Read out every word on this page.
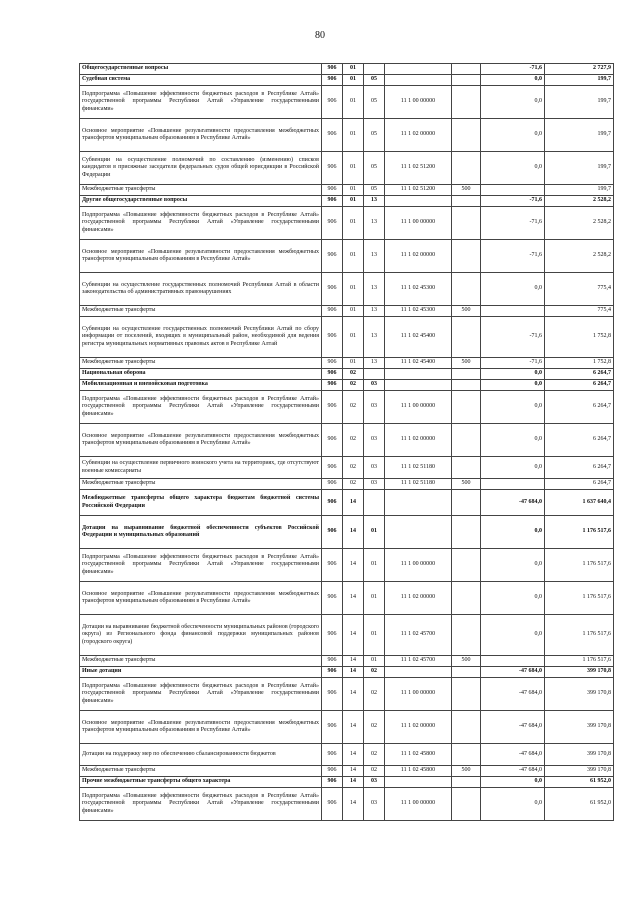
80
Общегосударственные вопросы	906	01				-71,6	2 727,9
Судебная система	906	01	05			0,0	199,7
Подпрограмма «Повышение эффективности бюджетных расходов в Республике Алтай» государственной программы Республики Алтай «Управление государственными финансами»	906	01	05	11 1 00 00000		0,0	199,7
Основное мероприятие «Повышение результативности предоставления межбюджетных трансфертов муниципальным образованиям в Республике Алтай»	906	01	05	11 1 02 00000		0,0	199,7
Субвенции на осуществление полномочий по составлению (изменению) списков кандидатов в присяжные заседатели федеральных судов общей юрисдикции в Российской Федерации	906	01	05	11 1 02 51200		0,0	199,7
Межбюджетные трансферты	906	01	05	11 1 02 51200	500		199,7
Другие общегосударственные вопросы	906	01	13			-71,6	2 528,2
Подпрограмма «Повышение эффективности бюджетных расходов в Республике Алтай» государственной программы Республики Алтай «Управление государственными финансами»	906	01	13	11 1 00 00000		-71,6	2 528,2
Основное мероприятие «Повышение результативности предоставления межбюджетных трансфертов муниципальным образованиям в Республике Алтай»	906	01	13	11 1 02 00000		-71,6	2 528,2
Субвенции на осуществление государственных полномочий Республики Алтай в области законодательства об административных правонарушениях	906	01	13	11 1 02 45300		0,0	775,4
Межбюджетные трансферты	906	01	13	11 1 02 45300	500		775,4
Субвенции на осуществление государственных полномочий Республики Алтай по сбору информации от поселений, входящих в муниципальный район, необходимой для ведения регистра муниципальных нормативных правовых актов в Республике Алтай	906	01	13	11 1 02 45400		-71,6	1 752,8
Межбюджетные трансферты	906	01	13	11 1 02 45400	500	-71,6	1 752,8
Национальная оборона	906	02				0,0	6 264,7
Мобилизационная и вневойсковая подготовка	906	02	03			0,0	6 264,7
Подпрограмма «Повышение эффективности бюджетных расходов в Республике Алтай» государственной программы Республики Алтай «Управление государственными финансами»	906	02	03	11 1 00 00000		0,0	6 264,7
Основное мероприятие «Повышение результативности предоставления межбюджетных трансфертов муниципальным образованиям в Республике Алтай»	906	02	03	11 1 02 00000		0,0	6 264,7
Субвенции на осуществление первичного воинского учета на территориях, где отсутствуют военные комиссариаты	906	02	03	11 1 02 51180		0,0	6 264,7
Межбюджетные трансферты	906	02	03	11 1 02 51180	500		6 264,7
Межбюджетные трансферты общего характера бюджетам бюджетной системы Российской Федерации	906	14				-47 684,0	1 637 640,4
Дотации на выравнивание бюджетной обеспеченности субъектов Российской Федерации и муниципальных образований	906	14	01			0,0	1 176 517,6
Подпрограмма «Повышение эффективности бюджетных расходов в Республике Алтай» государственной программы Республики Алтай «Управление государственными финансами»	906	14	01	11 1 00 00000		0,0	1 176 517,6
Основное мероприятие «Повышение результативности предоставления межбюджетных трансфертов муниципальным образованиям в Республике Алтай»	906	14	01	11 1 02 00000		0,0	1 176 517,6
Дотации на выравнивание бюджетной обеспеченности муниципальных районов (городского округа) из Регионального фонда финансовой поддержки муниципальных районов (городского округа)	906	14	01	11 1 02 45700		0,0	1 176 517,6
Межбюджетные трансферты	906	14	01	11 1 02 45700	500		1 176 517,6
Иные дотации	906	14	02			-47 684,0	399 170,8
Подпрограмма «Повышение эффективности бюджетных расходов в Республике Алтай» государственной программы Республики Алтай «Управление государственными финансами»	906	14	02	11 1 00 00000		-47 684,0	399 170,8
Основное мероприятие «Повышение результативности предоставления межбюджетных трансфертов муниципальным образованиям в Республике Алтай»	906	14	02	11 1 02 00000		-47 684,0	399 170,8
Дотации на поддержку мер по обеспечению сбалансированности бюджетов	906	14	02	11 1 02 45800		-47 684,0	399 170,8
Межбюджетные трансферты	906	14	02	11 1 02 45800	500	-47 684,0	399 170,8
Прочие межбюджетные трансферты общего характера	906	14	03			0,0	61 952,0
Подпрограмма «Повышение эффективности бюджетных расходов в Республике Алтай» государственной программы Республики Алтай «Управление государственными финансами»	906	14	03	11 1 00 00000		0,0	61 952,0
